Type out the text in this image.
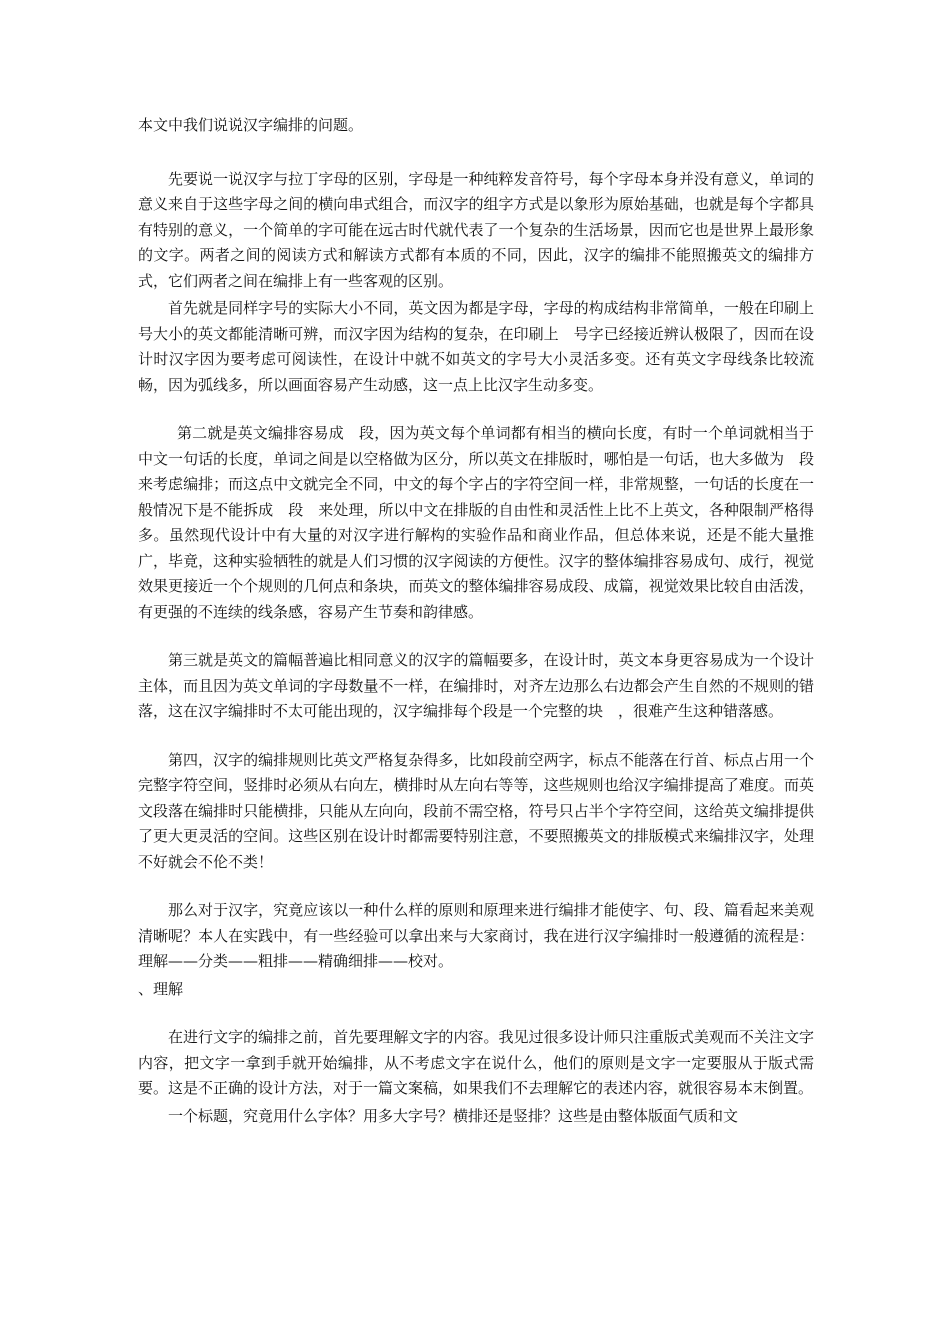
本文中我们说说汉字编排的问题。

先要说一说汉字与拉丁字母的区别，字母是一种纯粹发音符号，每个字母本身并没有意义，单词的意义来自于这些字母之间的横向串式组合，而汉字的组字方式是以象形为原始基础，也就是每个字都具有特别的意义，一个简单的字可能在远古时代就代表了一个复杂的生活场景，因而它也是世界上最形象的文字。两者之间的阅读方式和解读方式都有本质的不同，因此，汉字的编排不能照搬英文的编排方式，它们两者之间在编排上有一些客观的区别。

首先就是同样字号的实际大小不同，英文因为都是字母，字母的构成结构非常简单，一般在印刷上　号大小的英文都能清晰可辨，而汉字因为结构的复杂，在印刷上　号字已经接近辨认极限了，因而在设计时汉字因为要考虑可阅读性，在设计中就不如英文的字号大小灵活多变。还有英文字母线条比较流畅，因为弧线多，所以画面容易产生动感，这一点上比汉字生动多变。

第二就是英文编排容易成　段，因为英文每个单词都有相当的横向长度，有时一个单词就相当于中文一句话的长度，单词之间是以空格做为区分，所以英文在排版时，哪怕是一句话，也大多做为　段　来考虑编排；而这点中文就完全不同，中文的每个字占的字符空间一样，非常规整，一句话的长度在一般情况下是不能拆成　段　来处理，所以中文在排版的自由性和灵活性上比不上英文，各种限制严格得多。虽然现代设计中有大量的对汉字进行解构的实验作品和商业作品，但总体来说，还是不能大量推广，毕竟，这种实验牺牲的就是人们习惯的汉字阅读的方便性。汉字的整体编排容易成句、成行，视觉效果更接近一个个规则的几何点和条块，而英文的整体编排容易成段、成篇，视觉效果比较自由活泼，有更强的不连续的线条感，容易产生节奏和韵律感。

第三就是英文的篇幅普遍比相同意义的汉字的篇幅要多，在设计时，英文本身更容易成为一个设计主体，而且因为英文单词的字母数量不一样，在编排时，对齐左边那么右边都会产生自然的不规则的错落，这在汉字编排时不太可能出现的，汉字编排每个段是一个完整的块　，很难产生这种错落感。

第四，汉字的编排规则比英文严格复杂得多，比如段前空两字，标点不能落在行首、标点占用一个完整字符空间，竖排时必须从右向左，横排时从左向右等等，这些规则也给汉字编排提高了难度。而英文段落在编排时只能横排，只能从左向向，段前不需空格，符号只占半个字符空间，这给英文编排提供了更大更灵活的空间。这些区别在设计时都需要特别注意，不要照搬英文的排版模式来编排汉字，处理不好就会不伦不类！

那么对于汉字，究竟应该以一种什么样的原则和原理来进行编排才能使字、句、段、篇看起来美观清晰呢？本人在实践中，有一些经验可以拿出来与大家商讨，我在进行汉字编排时一般遵循的流程是：理解——分类——粗排——精确细排——校对。

、理解

在进行文字的编排之前，首先要理解文字的内容。我见过很多设计师只注重版式美观而不关注文字内容，把文字一拿到手就开始编排，从不考虑文字在说什么，他们的原则是文字一定要服从于版式需要。这是不正确的设计方法，对于一篇文案稿，如果我们不去理解它的表述内容，就很容易本末倒置。

一个标题，究竟用什么字体？用多大字号？横排还是竖排？这些是由整体版面气质和文
